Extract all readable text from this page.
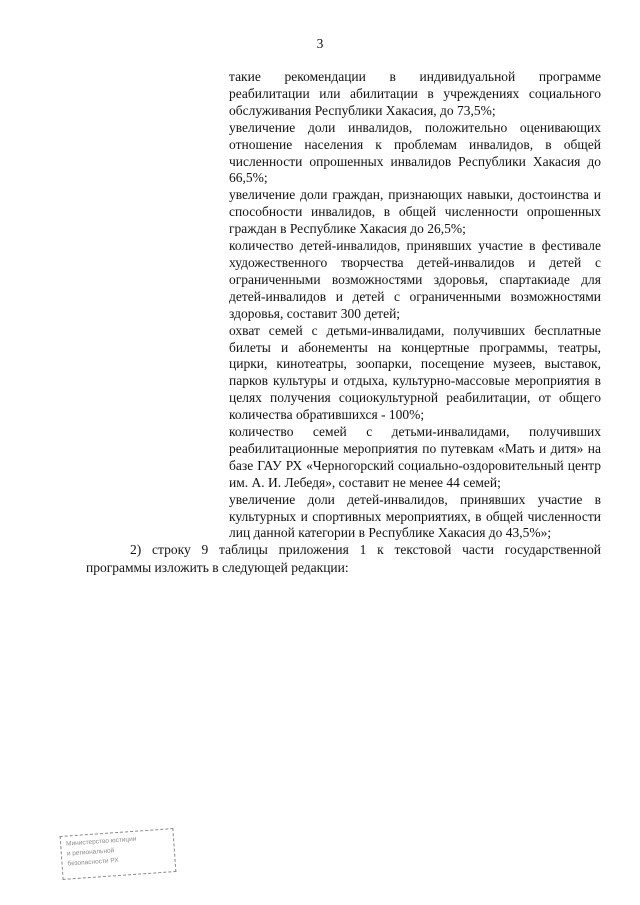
3

такие рекомендации в индивидуальной программе реабилитации или абилитации в учреждениях социального обслуживания Республики Хакасия, до 73,5%;

увеличение доли инвалидов, положительно оценивающих отношение населения к проблемам инвалидов, в общей численности опрошенных инвалидов Республики Хакасия до 66,5%;

увеличение доли граждан, признающих навыки, достоинства и способности инвалидов, в общей численности опрошенных граждан в Республике Хакасия до 26,5%;

количество детей-инвалидов, принявших участие в фестивале художественного творчества детей-инвалидов и детей с ограниченными возможностями здоровья, спартакиаде для детей-инвалидов и детей с ограниченными возможностями здоровья, составит 300 детей;

охват семей с детьми-инвалидами, получивших бесплатные билеты и абонементы на концертные программы, театры, цирки, кинотеатры, зоопарки, посещение музеев, выставок, парков культуры и отдыха, культурно-массовые мероприятия в целях получения социокультурной реабилитации, от общего количества обратившихся - 100%;

количество семей с детьми-инвалидами, получивших реабилитационные мероприятия по путевкам «Мать и дитя» на базе ГАУ РХ «Черногорский социально-оздоровительный центр им. А. И. Лебедя», составит не менее 44 семей;

увеличение доли детей-инвалидов, принявших участие в культурных и спортивных мероприятиях, в общей численности лиц данной категории в Республике Хакасия до 43,5%»;

2) строку 9 таблицы приложения 1 к текстовой части государственной программы изложить в следующей редакции:

Министерство юстиции
и региональной
безопасности РХ
